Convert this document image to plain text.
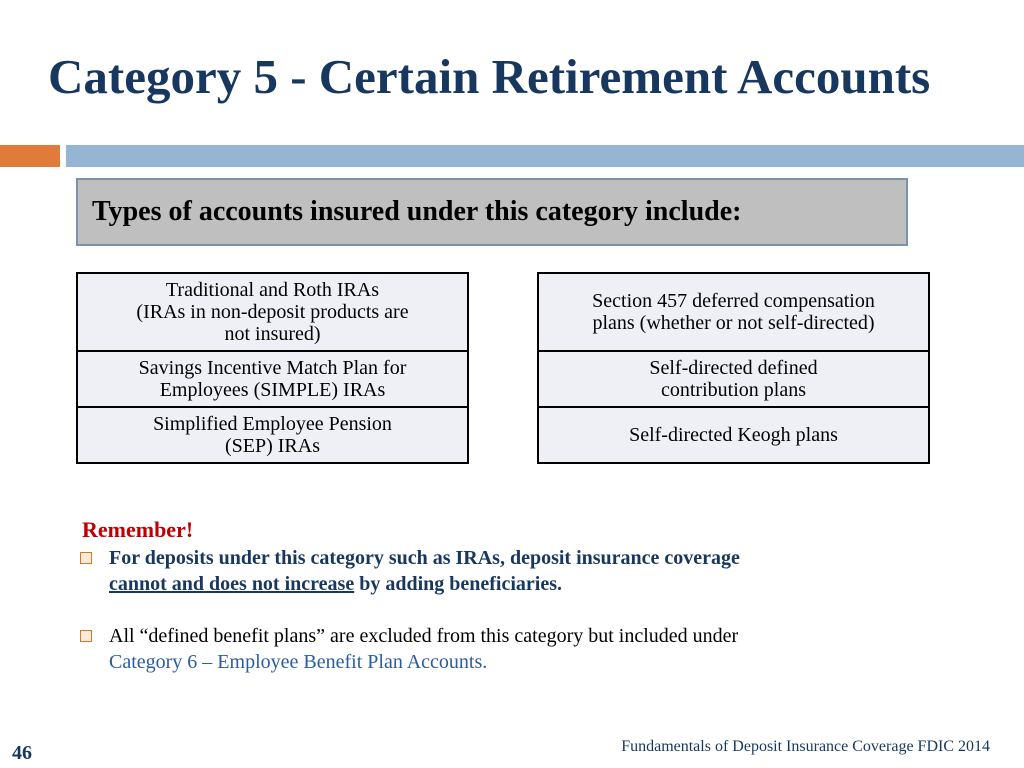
Category 5 - Certain Retirement Accounts
Types of accounts insured under this category include:
Traditional and Roth IRAs
(IRAs in non-deposit products are
not insured)
Savings Incentive Match Plan for
Employees (SIMPLE) IRAs
Simplified Employee Pension
(SEP) IRAs
Section 457 deferred compensation
plans (whether or not self-directed)
Self-directed defined
contribution plans
Self-directed Keogh plans
Remember!
For deposits under this category such as IRAs, deposit insurance coverage
cannot and does not increase by adding beneficiaries.
All “defined benefit plans” are excluded from this category but included under
Category 6 – Employee Benefit Plan Accounts.
46	Fundamentals of Deposit Insurance Coverage FDIC 2014
